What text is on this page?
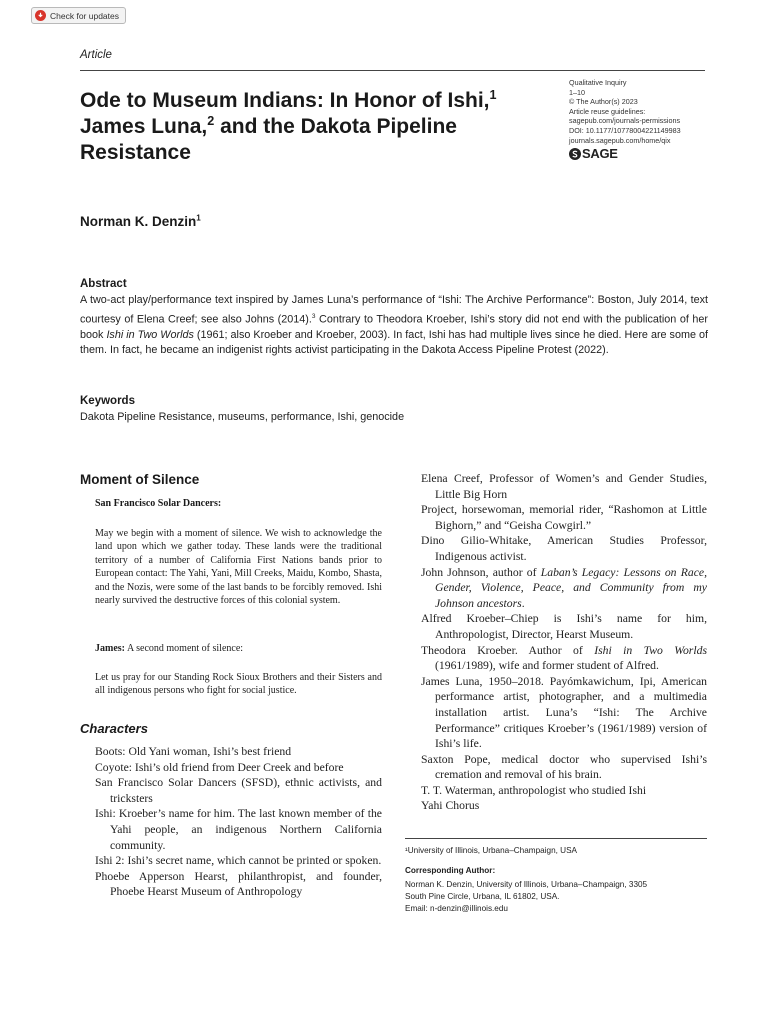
Check for updates
Article
Ode to Museum Indians: In Honor of Ishi,$^1$
James Luna,$^2$ and the Dakota Pipeline Resistance
Qualitative Inquiry
1–10
© The Author(s) 2023
Article reuse guidelines:
sagepub.com/journals-permissions
DOI: 10.1177/10778004221149983
journals.sagepub.com/home/qix
SAGE
Norman K. Denzin$^1$
Abstract

A two-act play/performance text inspired by James Luna’s performance of “Ishi: The Archive Performance”: Boston, July 2014, text courtesy of Elena Creef; see also Johns (2014).$^3$ Contrary to Theodora Kroeber, Ishi’s story did not end with the publication of her book Ishi in Two Worlds (1961; also Kroeber and Kroeber, 2003). In fact, Ishi has had multiple lives since he died. Here are some of them. In fact, he became an indigenist rights activist participating in the Dakota Access Pipeline Protest (2022).

Keywords

Dakota Pipeline Resistance, museums, performance, Ishi, genocide

Moment of Silence
San Francisco Solar Dancers:

May we begin with a moment of silence. We wish to acknowledge the land upon which we gather today. These lands were the traditional territory of a number of California First Nations bands prior to European contact: The Yahi, Yani, Mill Creeks, Maidu, Kombo, Shasta, and the Nozis, were some of the last bands to be forcibly removed. Ishi nearly survived the destructive forces of this colonial system.

James: A second moment of silence:

Let us pray for our Standing Rock Sioux Brothers and their Sisters and all indigenous persons who fight for social justice.

Characters
Boots: Old Yani woman, Ishi’s best friend
Coyote: Ishi’s old friend from Deer Creek and before
San Francisco Solar Dancers (SFSD), ethnic activists, and tricksters
Ishi: Kroeber’s name for him. The last known member of the Yahi people, an indigenous Northern California community.
Ishi 2: Ishi’s secret name, which cannot be printed or spoken.
Phoebe Apperson Hearst, philanthropist, and founder, Phoebe Hearst Museum of Anthropology
Elena Creef, Professor of Women’s and Gender Studies, Little Big Horn
Project, horsewoman, memorial rider, “Rashomon at Little Bighorn,” and “Geisha Cowgirl.”
Dino Gilio-Whitake, American Studies Professor, Indigenous activist.
John Johnson, author of Laban’s Legacy: Lessons on Race, Gender, Violence, Peace, and Community from my Johnson ancestors.
Alfred Kroeber–Chiep is Ishi’s name for him, Anthropologist, Director, Hearst Museum.
Theodora Kroeber. Author of Ishi in Two Worlds (1961/1989), wife and former student of Alfred.
James Luna, 1950–2018. Payómkawichum, Ipi, American performance artist, photographer, and a multimedia installation artist. Luna’s “Ishi: The Archive Performance” critiques Kroeber’s (1961/1989) version of Ishi’s life.
Saxton Pope, medical doctor who supervised Ishi’s cremation and removal of his brain.
T. T. Waterman, anthropologist who studied Ishi
Yahi Chorus
¹University of Illinois, Urbana–Champaign, USA
Corresponding Author:
Norman K. Denzin, University of Illinois, Urbana–Champaign, 3305
South Pine Circle, Urbana, IL 61802, USA.
Email: n-denzin@illinois.edu
